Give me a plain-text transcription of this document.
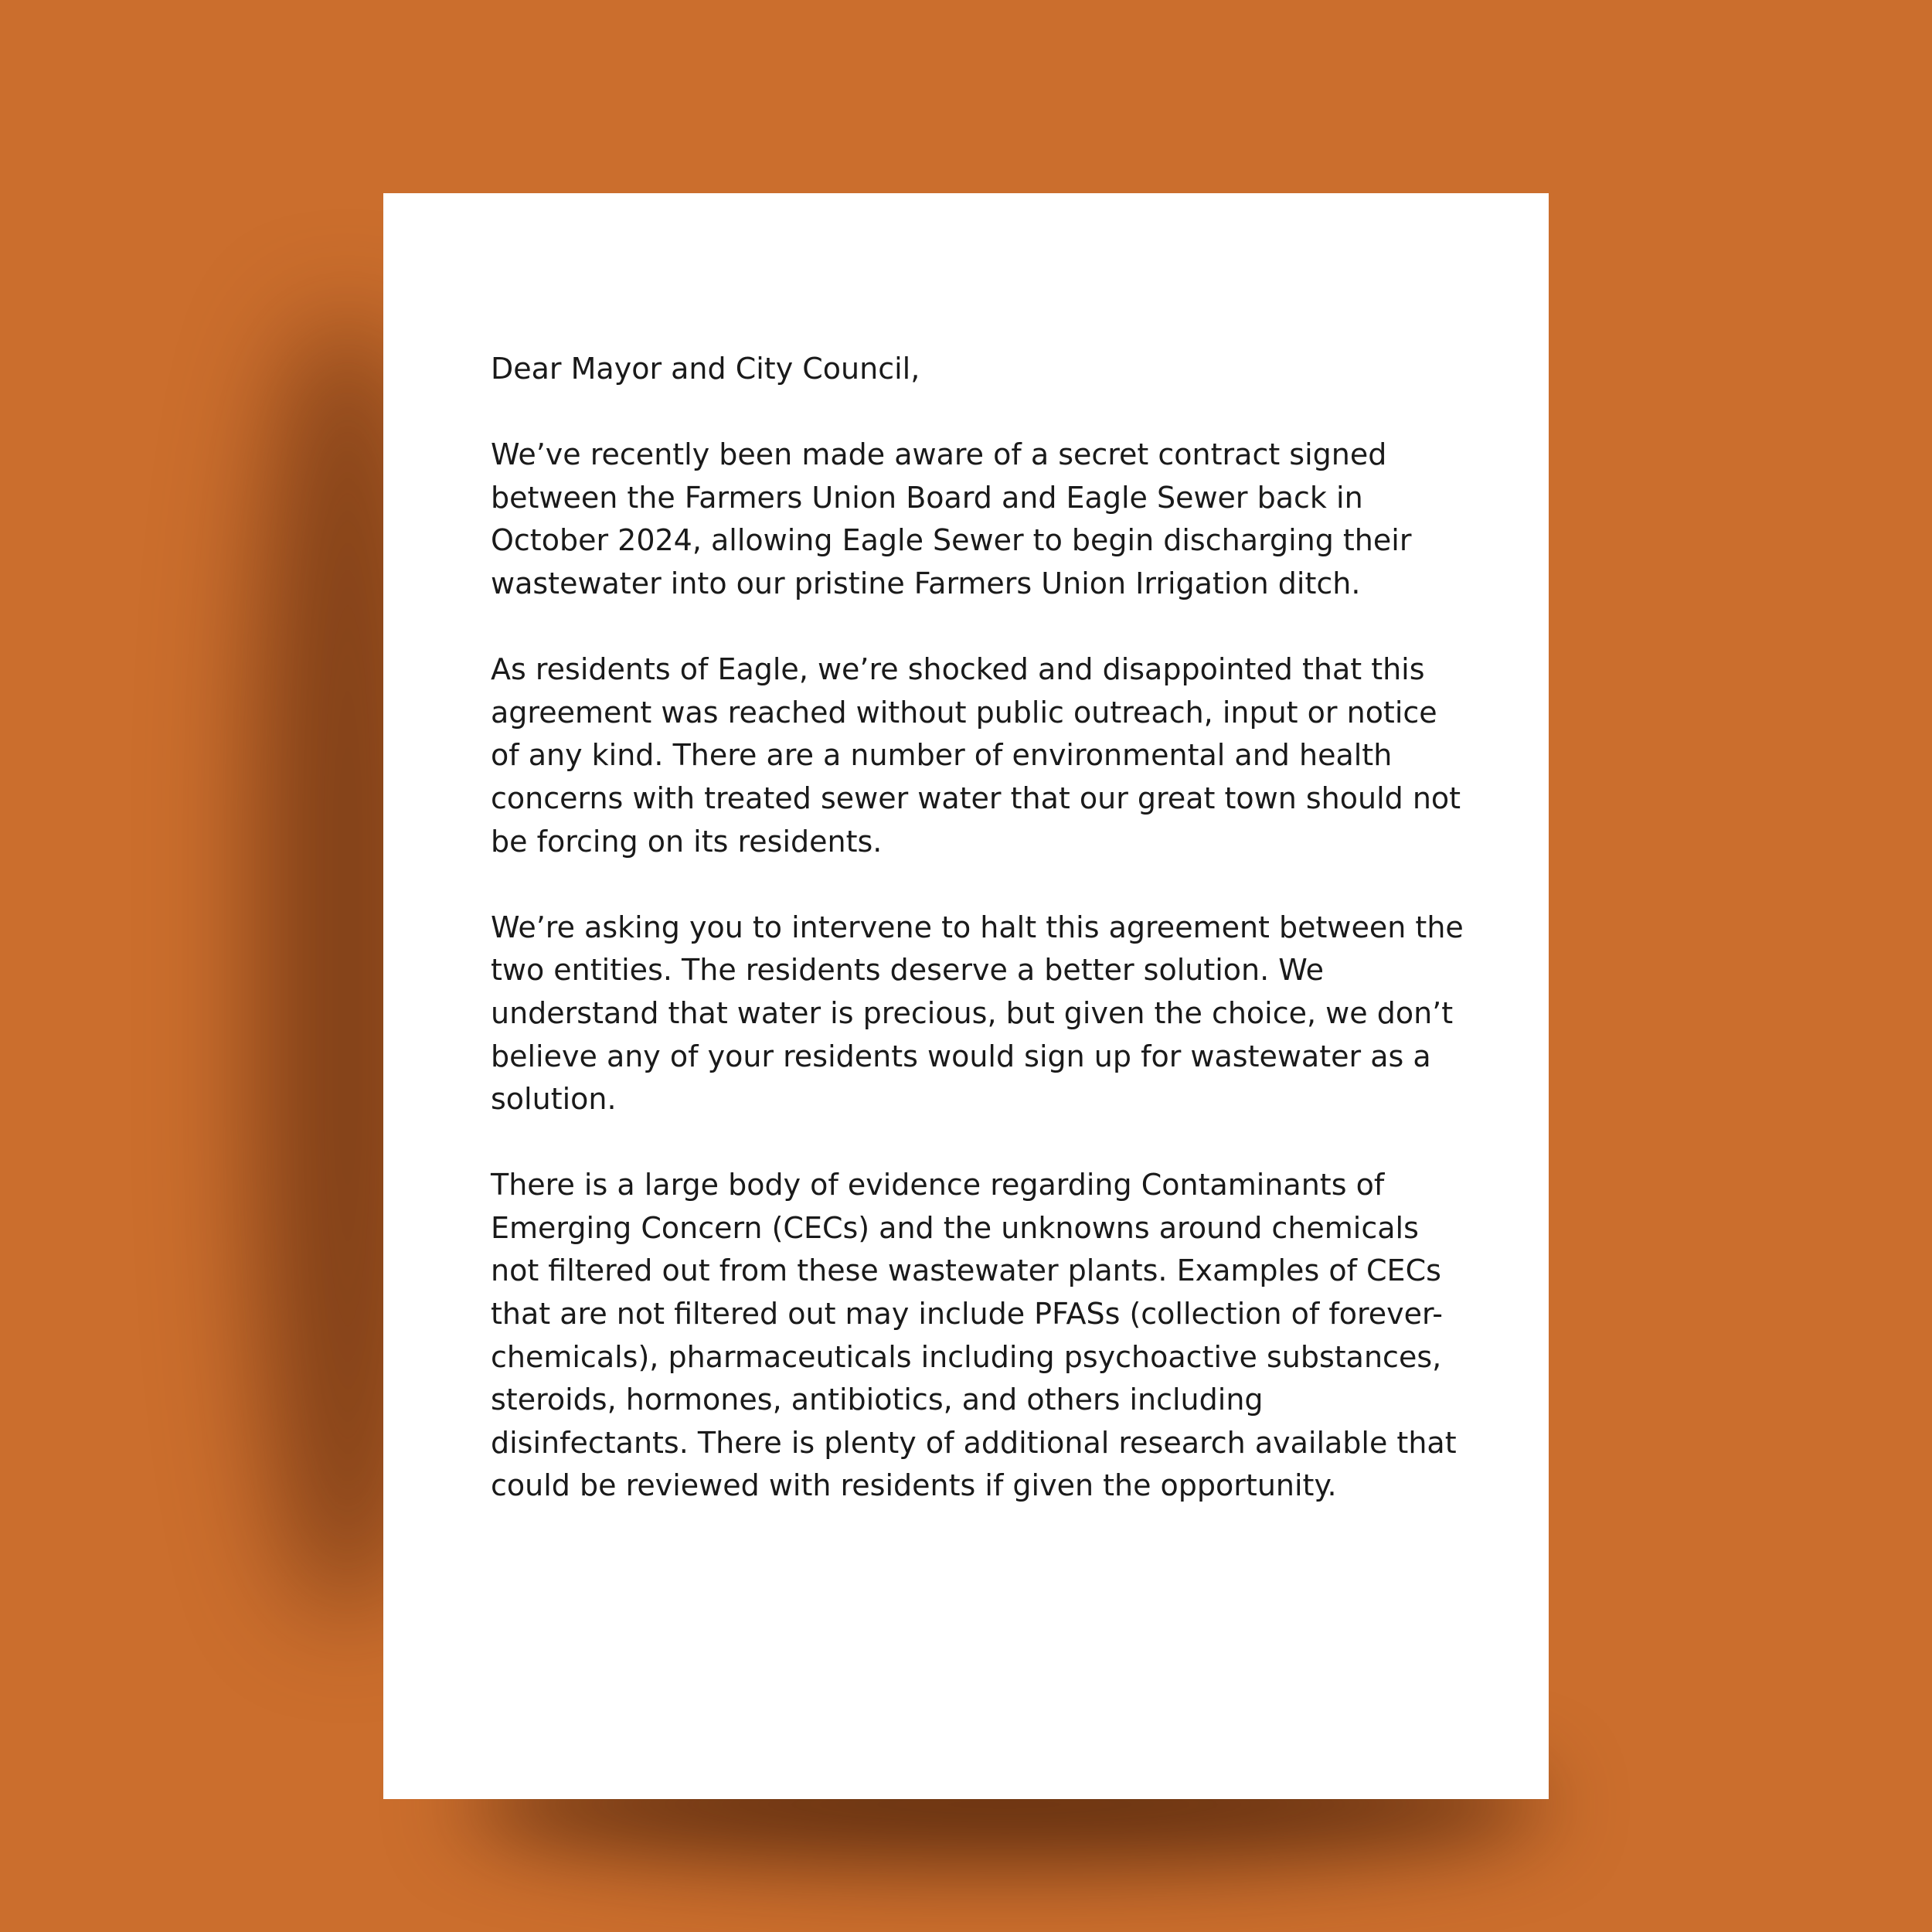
Dear Mayor and City Council,

We’ve recently been made aware of a secret contract signed between the Farmers Union Board and Eagle Sewer back in October 2024, allowing Eagle Sewer to begin discharging their wastewater into our pristine Farmers Union Irrigation ditch.

As residents of Eagle, we’re shocked and disappointed that this agreement was reached without public outreach, input or notice of any kind. There are a number of environmental and health concerns with treated sewer water that our great town should not be forcing on its residents.

We’re asking you to intervene to halt this agreement between the two entities. The residents deserve a better solution. We understand that water is precious, but given the choice, we don’t believe any of your residents would sign up for wastewater as a solution.

There is a large body of evidence regarding Contaminants of Emerging Concern (CECs) and the unknowns around chemicals not filtered out from these wastewater plants. Examples of CECs that are not filtered out may include PFASs (collection of forever-chemicals), pharmaceuticals including psychoactive substances, steroids, hormones, antibiotics, and others including disinfectants. There is plenty of additional research available that could be reviewed with residents if given the opportunity.
